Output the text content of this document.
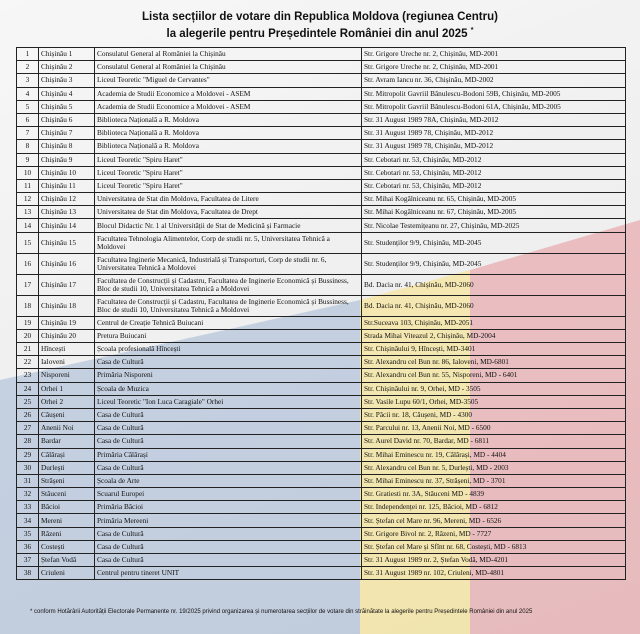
Lista secțiilor de votare din Republica Moldova (regiunea Centru)
la alegerile pentru Președintele României din anul 2025 *
1	Chișinău 1	Consulatul General al României la Chișinău	Str. Grigore Ureche nr. 2, Chișinău, MD-2001
2	Chișinău 2	Consulatul General al României la Chișinău	Str. Grigore Ureche nr. 2, Chișinău, MD-2001
3	Chișinău 3	Liceul Teoretic "Miguel de Cervantes"	Str. Avram Iancu nr. 36, Chișinău, MD-2002
4	Chișinău 4	Academia de Studii Economice a Moldovei - ASEM	Str. Mitropolit Gavriil Bănulescu-Bodoni 59B, Chișinău, MD-2005
5	Chișinău 5	Academia de Studii Economice a Moldovei - ASEM	Str. Mitropolit Gavriil Bănulescu-Bodoni 61A, Chișinău, MD-2005
6	Chișinău 6	Biblioteca Națională a R. Moldova	Str. 31 August 1989 78A, Chișinău, MD-2012
7	Chișinău 7	Biblioteca Națională a R. Moldova	Str. 31 August 1989 78, Chișinău, MD-2012
8	Chișinău 8	Biblioteca Națională a R. Moldova	Str. 31 August 1989 78, Chișinău, MD-2012
9	Chișinău 9	Liceul Teoretic "Spiru Haret"	Str. Cebotari nr. 53, Chișinău, MD-2012
10	Chișinău 10	Liceul Teoretic "Spiru Haret"	Str. Cebotari nr. 53, Chișinău, MD-2012
11	Chișinău 11	Liceul Teoretic "Spiru Haret"	Str. Cebotari nr. 53, Chișinău, MD-2012
12	Chișinău 12	Universitatea de Stat din Moldova, Facultatea de Litere	Str. Mihai Kogălniceanu nr. 65, Chișinău, MD-2005
13	Chișinău 13	Universitatea de Stat din Moldova, Facultatea de Drept	Str. Mihai Kogălniceanu nr. 67, Chișinău, MD-2005
14	Chișinău 14	Blocul Didactic Nr. 1 al Universității de Stat de Medicină și Farmacie	Str. Nicolae Testemițeanu nr. 27, Chișinău, MD-2025
15	Chișinău 15	Facultatea Tehnologia Alimentelor, Corp de studii nr. 5, Universitatea Tehnică a Moldovei	Str. Studenților 9/9, Chișinău, MD-2045
16	Chișinău 16	Facultatea Inginerie Mecanică, Industrială și Transporturi, Corp de studii nr. 6, Universitatea Tehnică a Moldovei	Str. Studenților 9/9, Chișinău, MD-2045
17	Chișinău 17	Facultatea de Construcții și Cadastru, Facultatea de Inginerie Economică și Bussiness, Bloc de studii 10, Universitatea Tehnică a Moldovei	Bd. Dacia nr. 41, Chișinău, MD-2060
18	Chișinău 18	Facultatea de Construcții și Cadastru, Facultatea de Inginerie Economică și Bussiness, Bloc de studii 10, Universitatea Tehnică a Moldovei	Bd. Dacia nr. 41, Chișinău, MD-2060
19	Chișinău 19	Centrul de Creație Tehnică Buiucani	Str.Suceava 103, Chișinău, MD-2051
20	Chișinău 20	Pretura Buiucani	Strada Mihai Viteazul 2, Chișinău, MD-2004
21	Hîncești	Școala profesională Hîncești	Str. Chișinăului 9, Hîncești, MD-3401
22	Ialoveni	Casa de Cultură	Str. Alexandru cel Bun nr. 86, Ialoveni, MD-6801
23	Nisporeni	Primăria Nisporeni	Str. Alexandru cel Bun nr. 55, Nisporeni, MD - 6401
24	Orhei 1	Școala de Muzica	Str. Chișinăului nr. 9, Orhei, MD - 3505
25	Orhei 2	Liceul Teoretic "Ion Luca Caragiale" Orhei	Str. Vasile Lupu 60/1, Orhei, MD-3505
26	Căușeni	Casa de Cultură	Str. Păcii nr. 18, Căușeni, MD - 4300
27	Anenii Noi	Casa de Cultură	Str. Parcului nr. 13, Anenii Noi, MD - 6500
28	Bardar	Casa de Cultură	Str. Aurel David nr. 70, Bardar, MD - 6811
29	Călărași	Primăria Călărași	Str. Mihai Eminescu nr. 19, Călărași, MD - 4404
30	Durlești	Casa de Cultură	Str. Alexandru cel Bun nr. 5, Durlești, MD - 2003
31	Strășeni	Școala de Arte	Str. Mihai Eminescu nr. 37, Strășeni, MD - 3701
32	Stăuceni	Scuarul Europei	Str. Gratiesti nr. 3A, Stăuceni MD - 4839
33	Băcioi	Primăria Băcioi	Str. Independenței nr. 125, Băcioi, MD - 6812
34	Mereni	Primăria Mereeni	Str. Ștefan cel Mare nr. 96, Mereni, MD - 6526
35	Răzeni	Casa de Cultură	Str. Grigore Bivol nr. 2, Răzeni, MD - 7727
36	Costești	Casa de Cultură	Str. Ștefan cel Mare și Sfînt nr. 68, Costești, MD - 6813
37	Ștefan Vodă	Casa de Cultură	Str. 31 August 1989 nr. 2, Ștefan Vodă, MD-4201
38	Criuleni	Centrul pentru tineret UNIT	Str. 31 August 1989 nr. 102, Criuleni, MD-4801
* conform Hotărârii Autorității Electorale Permanente nr. 19/2025 privind organizarea și numerotarea secțiilor de votare din străinătate la alegerile pentru Președintele României din anul 2025
